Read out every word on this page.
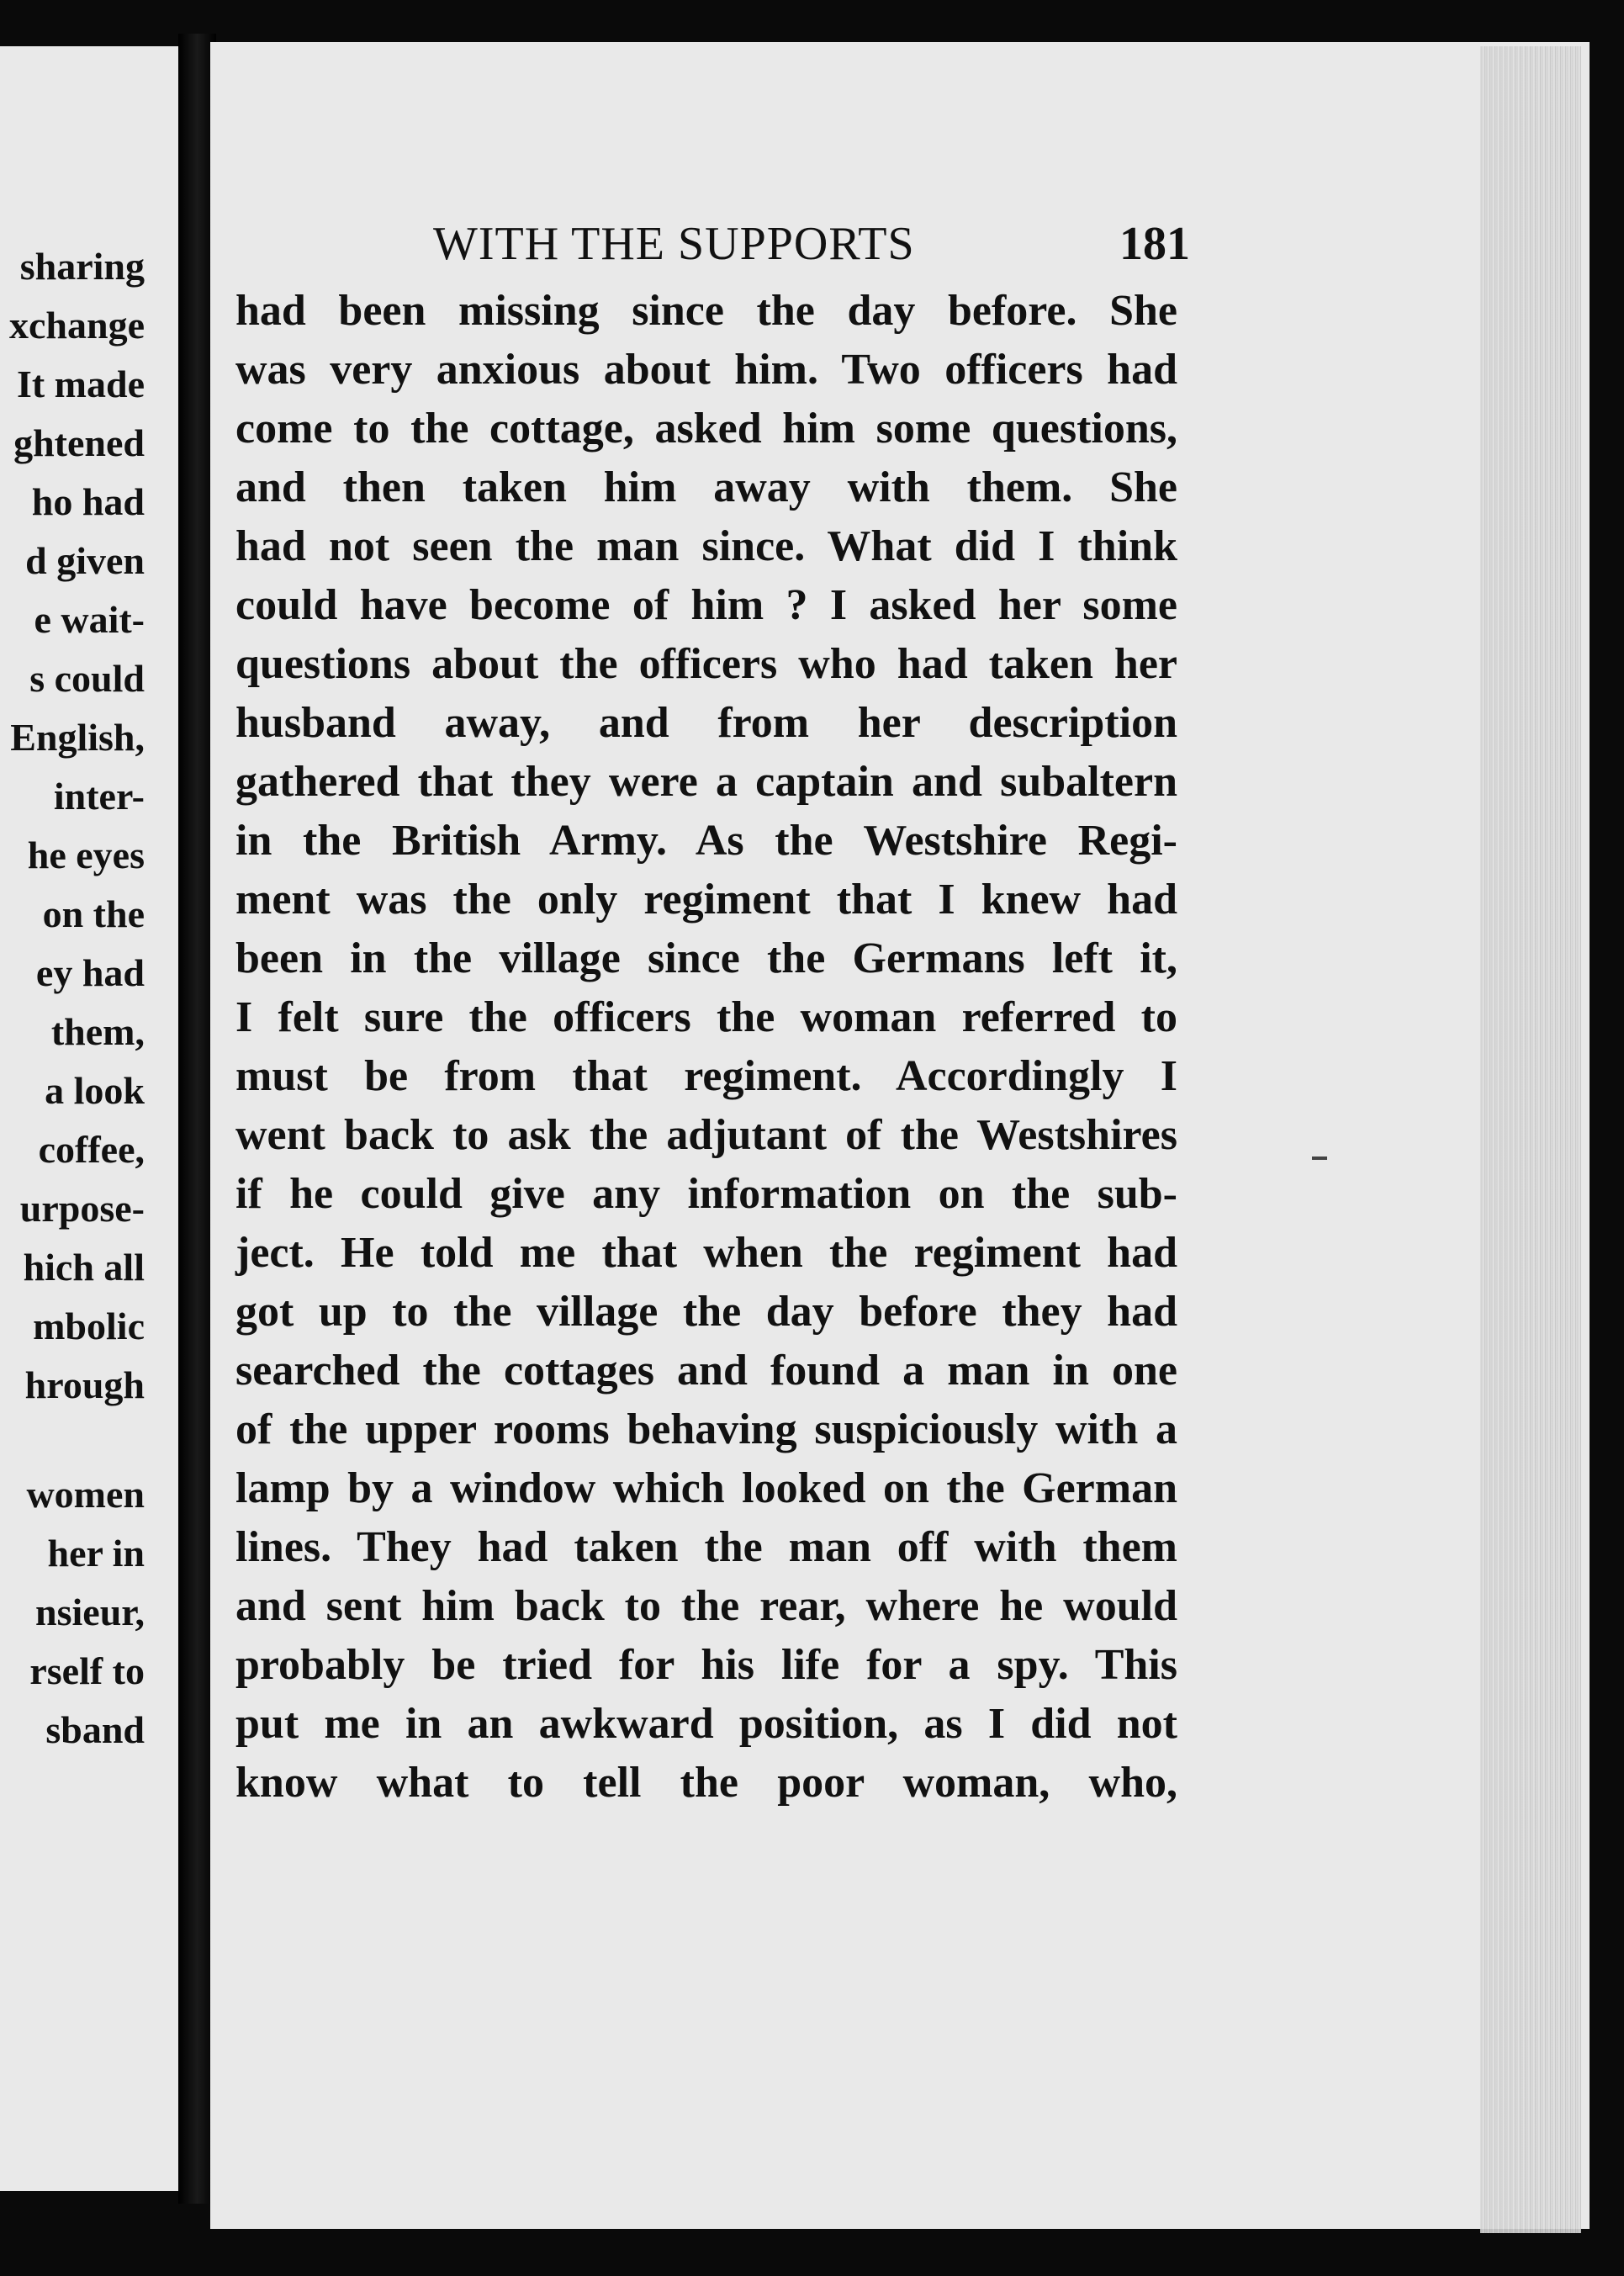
sharing
xchange
It made
ghtened
ho had
d given
e wait-
s could
English,
inter-
he eyes
on the
ey had
them,
a look
coffee,
urpose-
hich all
mbolic
hrough
women
her in
nsieur,
rself to
sband
WITH THE SUPPORTS	181
had been missing since the day before. She
was very anxious about him. Two officers had
come to the cottage, asked him some questions,
and then taken him away with them. She
had not seen the man since. What did I think
could have become of him ? I asked her some
questions about the officers who had taken her
husband away, and from her description
gathered that they were a captain and subaltern
in the British Army. As the Westshire Regi-
ment was the only regiment that I knew had
been in the village since the Germans left it,
I felt sure the officers the woman referred to
must be from that regiment. Accordingly I
went back to ask the adjutant of the Westshires
if he could give any information on the sub-
ject. He told me that when the regiment had
got up to the village the day before they had
searched the cottages and found a man in one
of the upper rooms behaving suspiciously with a
lamp by a window which looked on the German
lines. They had taken the man off with them
and sent him back to the rear, where he would
probably be tried for his life for a spy. This
put me in an awkward position, as I did not
know what to tell the poor woman, who,
